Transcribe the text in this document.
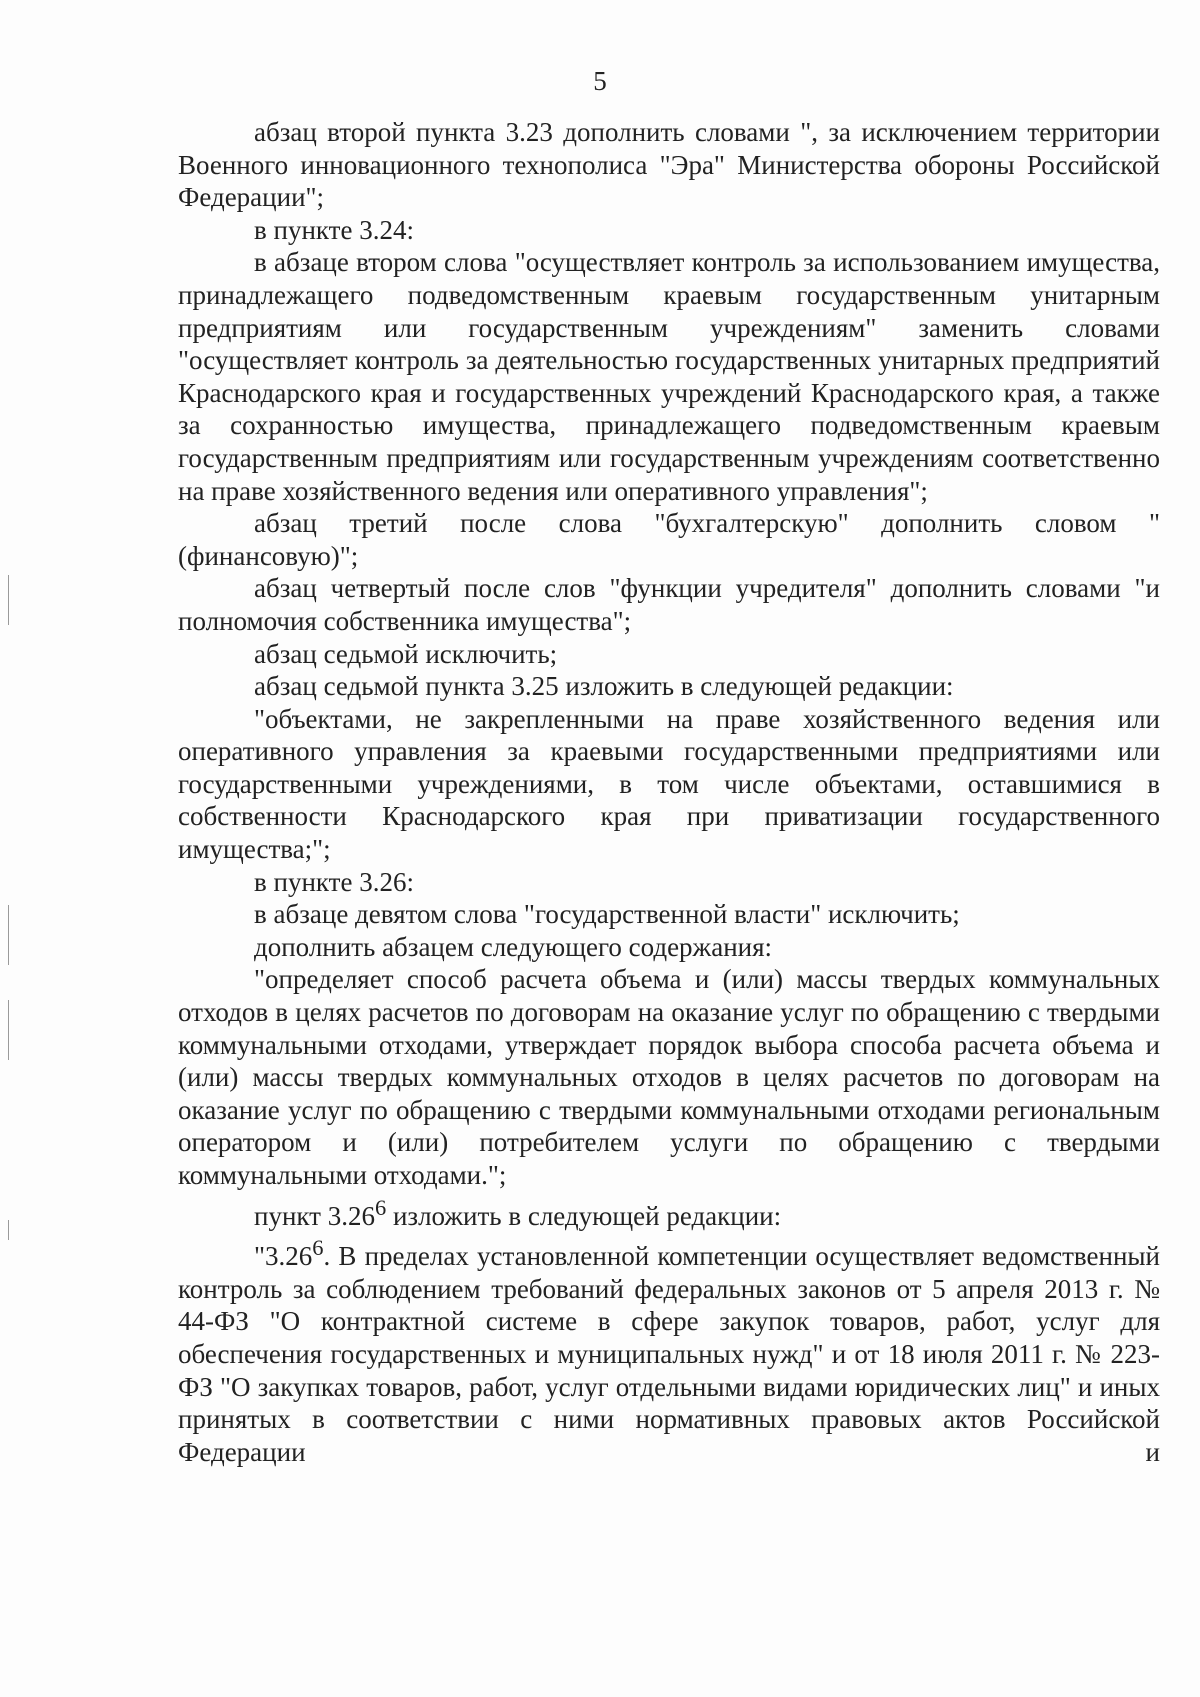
5

абзац второй пункта 3.23 дополнить словами ", за исключением территории Военного инновационного технополиса "Эра" Министерства обороны Российской Федерации";

в пункте 3.24:

в абзаце втором слова "осуществляет контроль за использованием имущества, принадлежащего подведомственным краевым государственным унитарным предприятиям или государственным учреждениям" заменить словами "осуществляет контроль за деятельностью государственных унитарных предприятий Краснодарского края и государственных учреждений Краснодарского края, а также за сохранностью имущества, принадлежащего подведомственным краевым государственным предприятиям или государственным учреждениям соответственно на праве хозяйственного ведения или оперативного управления";

абзац третий после слова "бухгалтерскую" дополнить словом "(финансовую)";

абзац четвертый после слов "функции учредителя" дополнить словами "и полномочия собственника имущества";

абзац седьмой исключить;

абзац седьмой пункта 3.25 изложить в следующей редакции:

"объектами, не закрепленными на праве хозяйственного ведения или оперативного управления за краевыми государственными предприятиями или государственными учреждениями, в том числе объектами, оставшимися в собственности Краснодарского края при приватизации государственного имущества;";

в пункте 3.26:

в абзаце девятом слова "государственной власти" исключить;

дополнить абзацем следующего содержания:

"определяет способ расчета объема и (или) массы твердых коммунальных отходов в целях расчетов по договорам на оказание услуг по обращению с твердыми коммунальными отходами, утверждает порядок выбора способа расчета объема и (или) массы твердых коммунальных отходов в целях расчетов по договорам на оказание услуг по обращению с твердыми коммунальными отходами региональным оператором и (или) потребителем услуги по обращению с твердыми коммунальными отходами.";

пункт 3.26$^6$ изложить в следующей редакции:

"3.26$^6$. В пределах установленной компетенции осуществляет ведомственный контроль за соблюдением требований федеральных законов от 5 апреля 2013 г. № 44-ФЗ "О контрактной системе в сфере закупок товаров, работ, услуг для обеспечения государственных и муниципальных нужд" и от 18 июля 2011 г. № 223-ФЗ "О закупках товаров, работ, услуг отдельными видами юридических лиц" и иных принятых в соответствии с ними нормативных правовых актов Российской Федерации и
